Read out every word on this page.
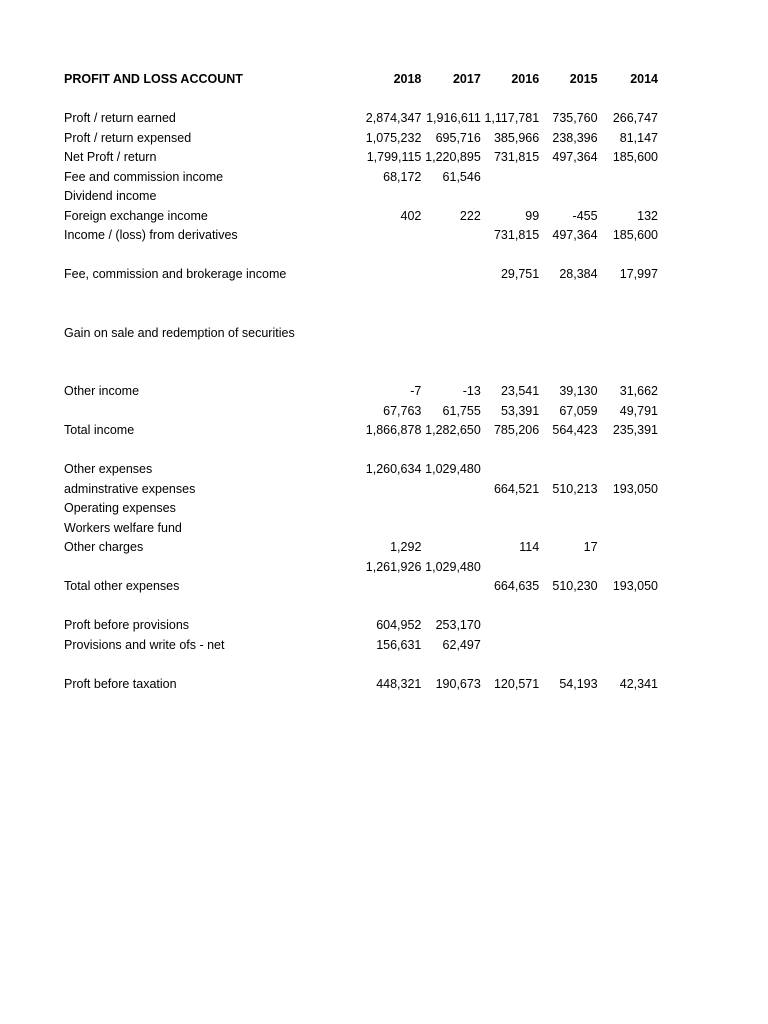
PROFIT AND LOSS ACCOUNT	2018	2017	2016	2015	2014

Proft / return earned	2,874,347	1,916,611	1,117,781	735,760	266,747
Proft / return expensed	1,075,232	695,716	385,966	238,396	81,147
Net Proft / return	1,799,115	1,220,895	731,815	497,364	185,600
Fee and commission income	68,172	61,546			
Dividend income					
Foreign exchange income	402	222	99	-455	132
Income / (loss) from derivatives			731,815	497,364	185,600

Fee, commission and brokerage income			29,751	28,384	17,997

Gain on sale and redemption of securities					

Other income	-7	-13	23,541	39,130	31,662
	67,763	61,755	53,391	67,059	49,791
Total income	1,866,878	1,282,650	785,206	564,423	235,391

Other expenses	1,260,634	1,029,480			
adminstrative expenses			664,521	510,213	193,050
Operating expenses					
Workers welfare fund					
Other charges	1,292		114	17	
	1,261,926	1,029,480			
Total other expenses			664,635	510,230	193,050

Proft before provisions	604,952	253,170			
Provisions and write ofs - net	156,631	62,497			

Proft before taxation	448,321	190,673	120,571	54,193	42,341
